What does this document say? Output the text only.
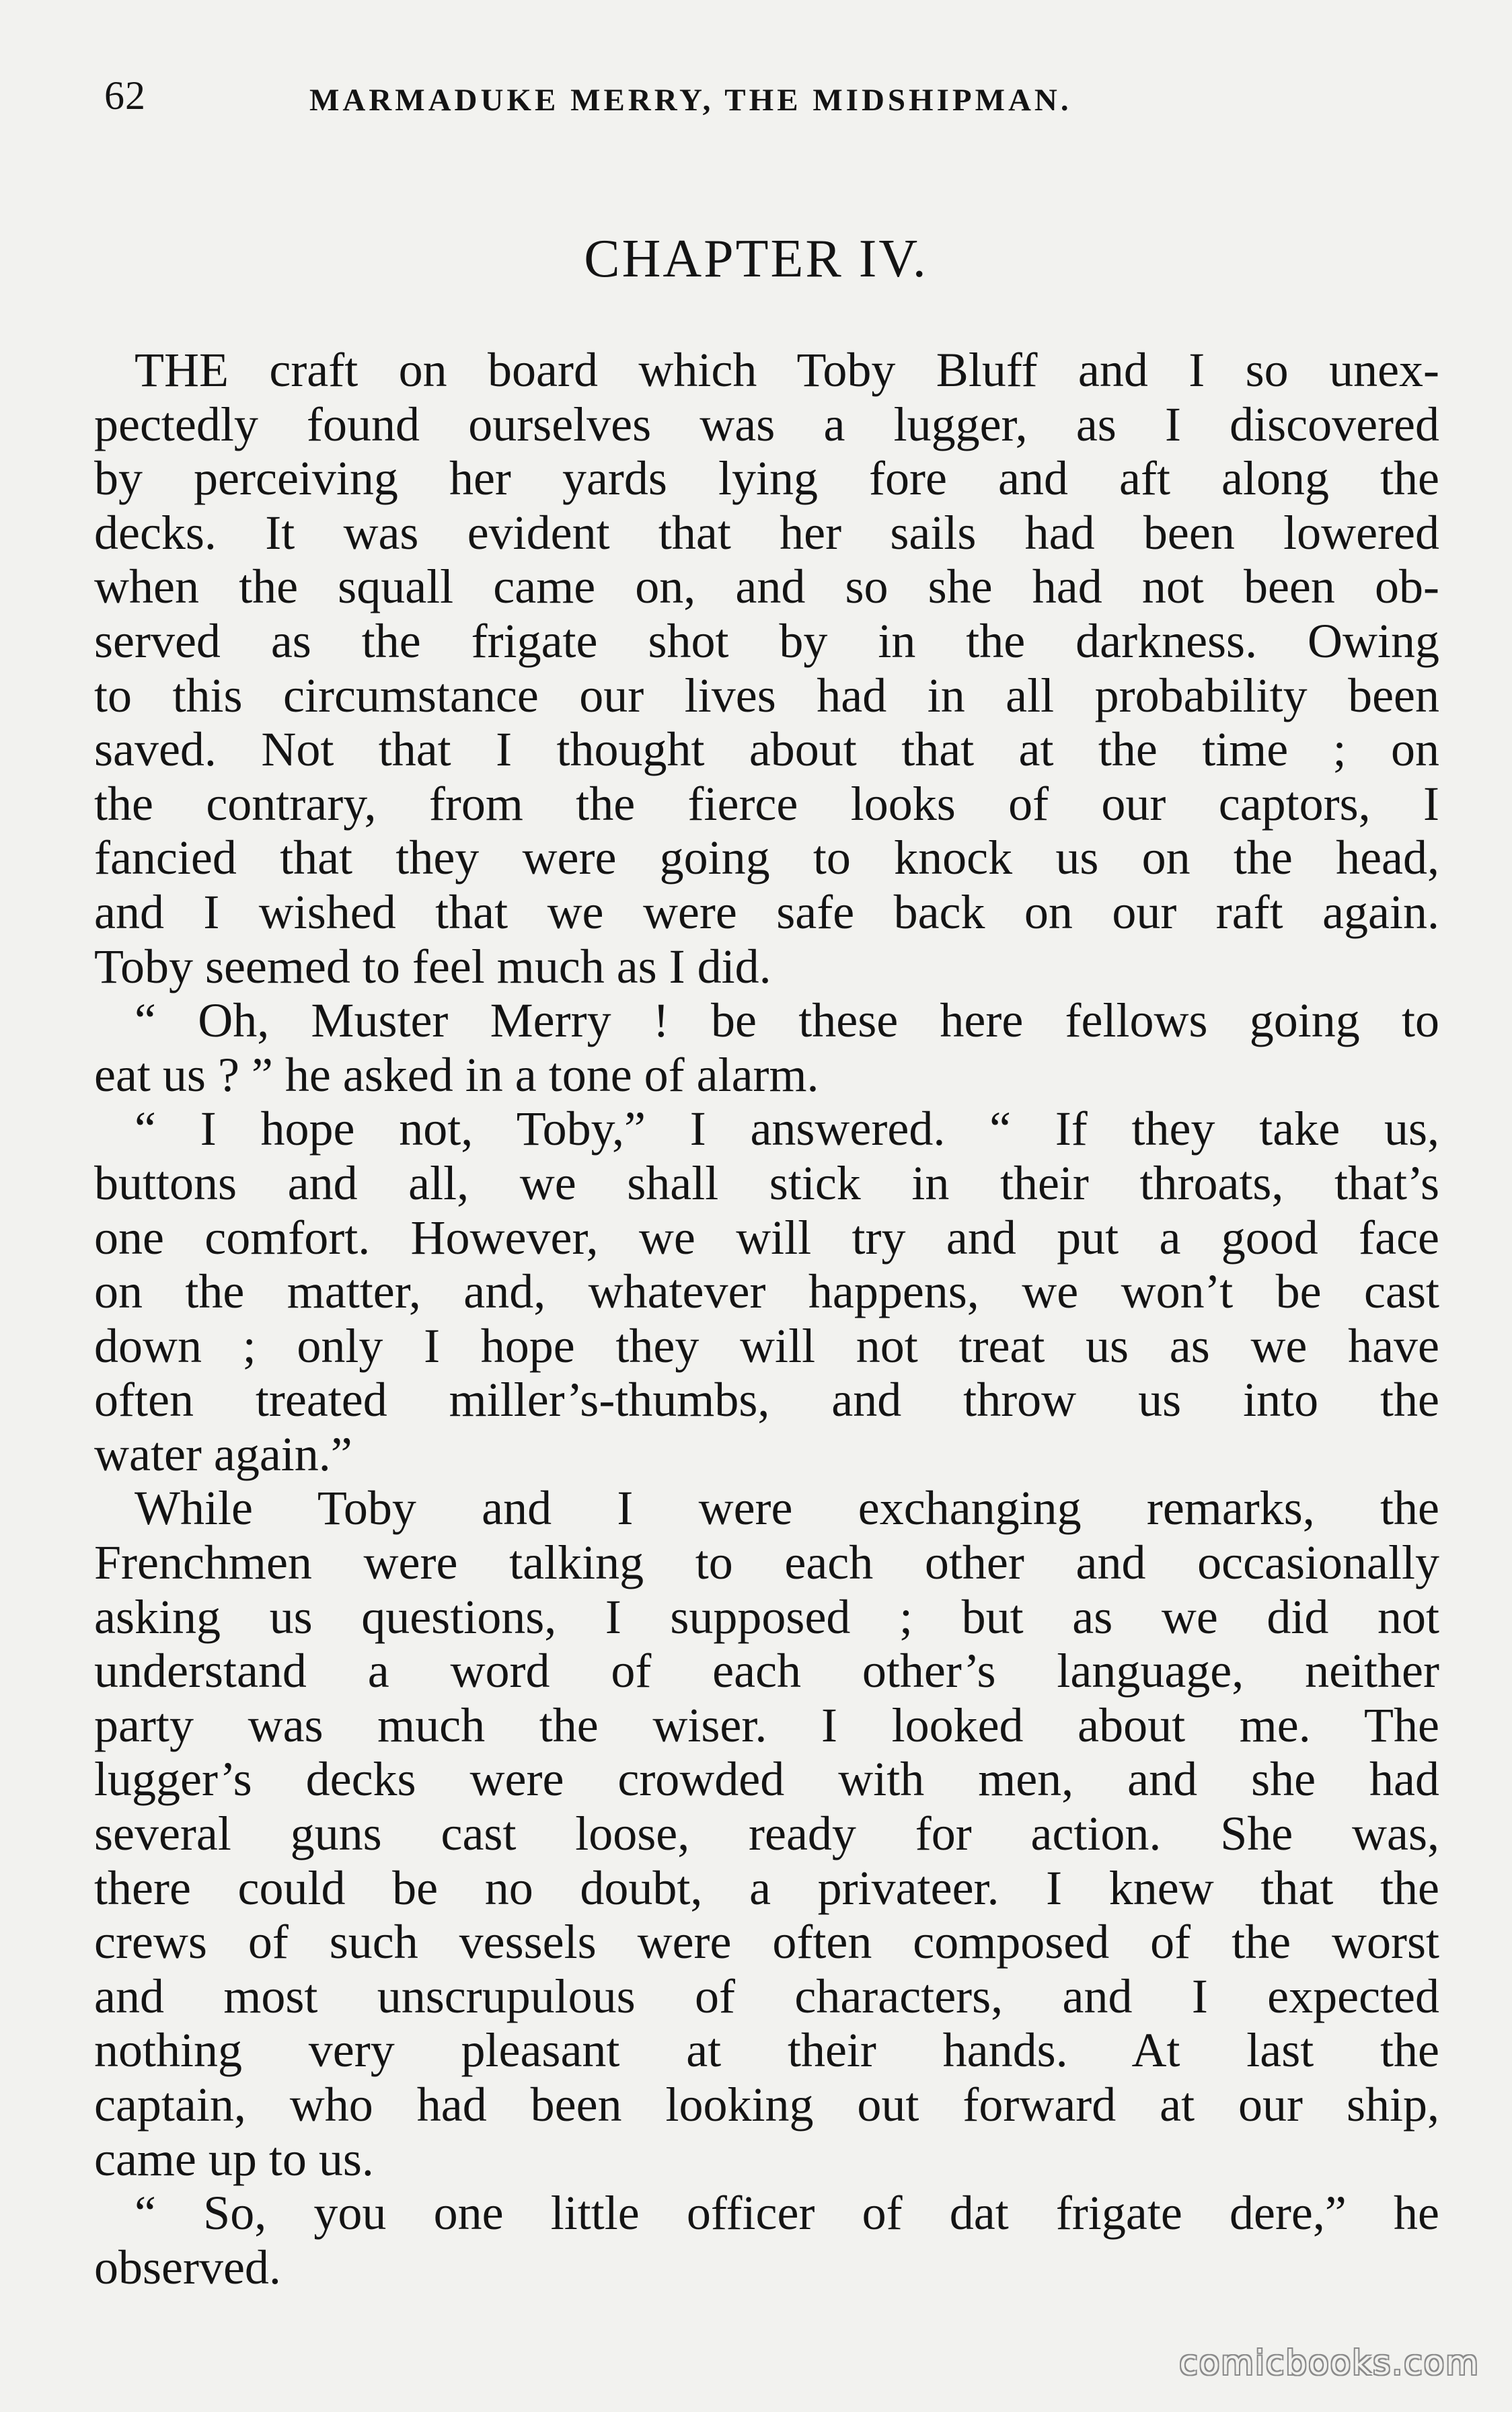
62	MARMADUKE MERRY, THE MIDSHIPMAN.
CHAPTER IV.
THE craft on board which Toby Bluff and I so unex-
pectedly found ourselves was a lugger, as I discovered
by perceiving her yards lying fore and aft along the
decks. It was evident that her sails had been lowered
when the squall came on, and so she had not been ob-
served as the frigate shot by in the darkness. Owing
to this circumstance our lives had in all probability been
saved. Not that I thought about that at the time ; on
the contrary, from the fierce looks of our captors, I
fancied that they were going to knock us on the head,
and I wished that we were safe back on our raft again.
Toby seemed to feel much as I did.
“ Oh, Muster Merry ! be these here fellows going to
eat us ? ” he asked in a tone of alarm.
“ I hope not, Toby,” I answered. “ If they take us,
buttons and all, we shall stick in their throats, that’s
one comfort. However, we will try and put a good face
on the matter, and, whatever happens, we won’t be cast
down ; only I hope they will not treat us as we have
often treated miller’s-thumbs, and throw us into the
water again.”
While Toby and I were exchanging remarks, the
Frenchmen were talking to each other and occasionally
asking us questions, I supposed ; but as we did not
understand a word of each other’s language, neither
party was much the wiser. I looked about me. The
lugger’s decks were crowded with men, and she had
several guns cast loose, ready for action. She was,
there could be no doubt, a privateer. I knew that the
crews of such vessels were often composed of the worst
and most unscrupulous of characters, and I expected
nothing very pleasant at their hands. At last the
captain, who had been looking out forward at our ship,
came up to us.
“ So, you one little officer of dat frigate dere,” he
observed.
comicbooks.com
